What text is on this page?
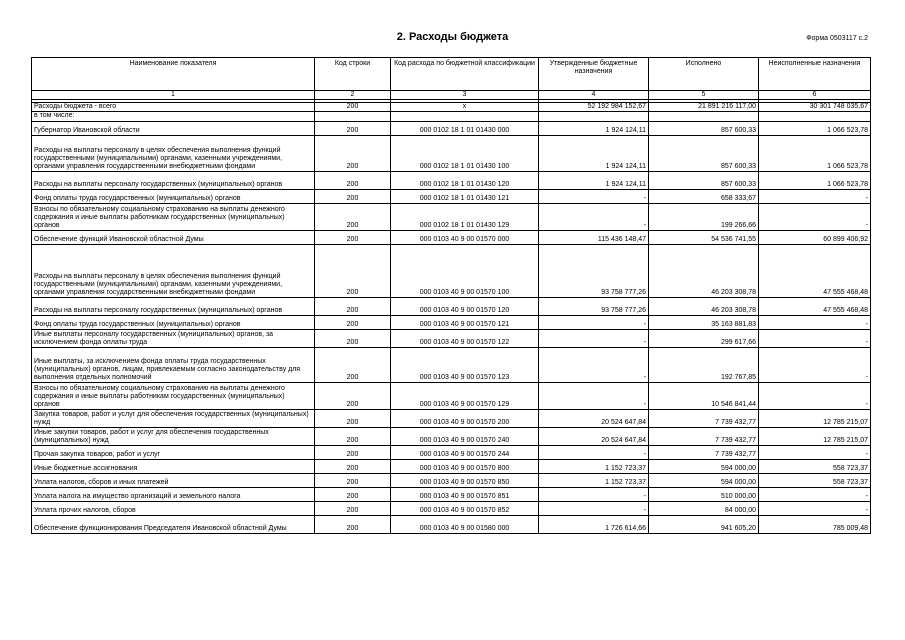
2. Расходы бюджета	Форма 0503117 с.2
Наименование показателя	Код строки	Код расхода по бюджетной классификации	Утвержденные бюджетные назначения	Исполнено	Неисполненные назначения
1	2	3	4	5	6

Расходы бюджета - всего	200	x	52 192 984 152,67	21 891 216 117,00	30 301 748 035,67
в том числе:					
Губернатор Ивановской области	200	000 0102 18 1 01 01430 000	1 924 124,11	857 600,33	1 066 523,78
Расходы на выплаты персоналу в целях обеспечения выполнения функций государственными (муниципальными) органами, казенными учреждениями, органами управления государственными внебюджетными фондами	200	000 0102 18 1 01 01430 100	1 924 124,11	857 600,33	1 066 523,78
Расходы на выплаты персоналу государственных (муниципальных) органов	200	000 0102 18 1 01 01430 120	1 924 124,11	857 600,33	1 066 523,78
Фонд оплаты труда государственных (муниципальных) органов	200	000 0102 18 1 01 01430 121	-	658 333,67	-
Взносы по обязательному социальному страхованию на выплаты денежного содержания и иные выплаты работникам государственных (муниципальных) органов	200	000 0102 18 1 01 01430 129	-	199 266,66	-
Обеспечение функций Ивановской областной Думы	200	000 0103 40 9 00 01570 000	115 436 148,47	54 536 741,55	60 899 406,92
Расходы на выплаты персоналу в целях обеспечения выполнения функций государственными (муниципальными) органами, казенными учреждениями, органами управления государственными внебюджетными фондами	200	000 0103 40 9 00 01570 100	93 758 777,26	46 203 308,78	47 555 468,48
Расходы на выплаты персоналу государственных (муниципальных) органов	200	000 0103 40 9 00 01570 120	93 758 777,26	46 203 308,78	47 555 468,48
Фонд оплаты труда государственных (муниципальных) органов	200	000 0103 40 9 00 01570 121	-	35 163 881,83	-
Иные выплаты персоналу государственных (муниципальных) органов, за исключением фонда оплаты труда	200	000 0103 40 9 00 01570 122	-	299 617,66	-
Иные выплаты, за исключением фонда оплаты труда государственных (муниципальных) органов, лицам, привлекаемым согласно законодательству для выполнения отдельных полномочий	200	000 0103 40 9 00 01570 123	-	192 767,85	-
Взносы по обязательному социальному страхованию на выплаты денежного содержания и иные выплаты работникам государственных (муниципальных) органов	200	000 0103 40 9 00 01570 129	-	10 546 841,44	-
Закупка товаров, работ и услуг для обеспечения государственных (муниципальных) нужд	200	000 0103 40 9 00 01570 200	20 524 647,84	7 739 432,77	12 785 215,07
Иные закупки товаров, работ и услуг для обеспечения государственных (муниципальных) нужд	200	000 0103 40 9 00 01570 240	20 524 647,84	7 739 432,77	12 785 215,07
Прочая закупка товаров, работ и услуг	200	000 0103 40 9 00 01570 244	-	7 739 432,77	-
Иные бюджетные ассигнования	200	000 0103 40 9 00 01570 800	1 152 723,37	594 000,00	558 723,37
Уплата налогов, сборов и иных платежей	200	000 0103 40 9 00 01570 850	1 152 723,37	594 000,00	558 723,37
Уплата налога на имущество организаций и земельного налога	200	000 0103 40 9 00 01570 851	-	510 000,00	-
Уплата прочих налогов, сборов	200	000 0103 40 9 00 01570 852	-	84 000,00	-
Обеспечение функционирования Председателя Ивановской областной Думы	200	000 0103 40 9 00 01580 000	1 726 614,66	941 605,20	785 009,48
